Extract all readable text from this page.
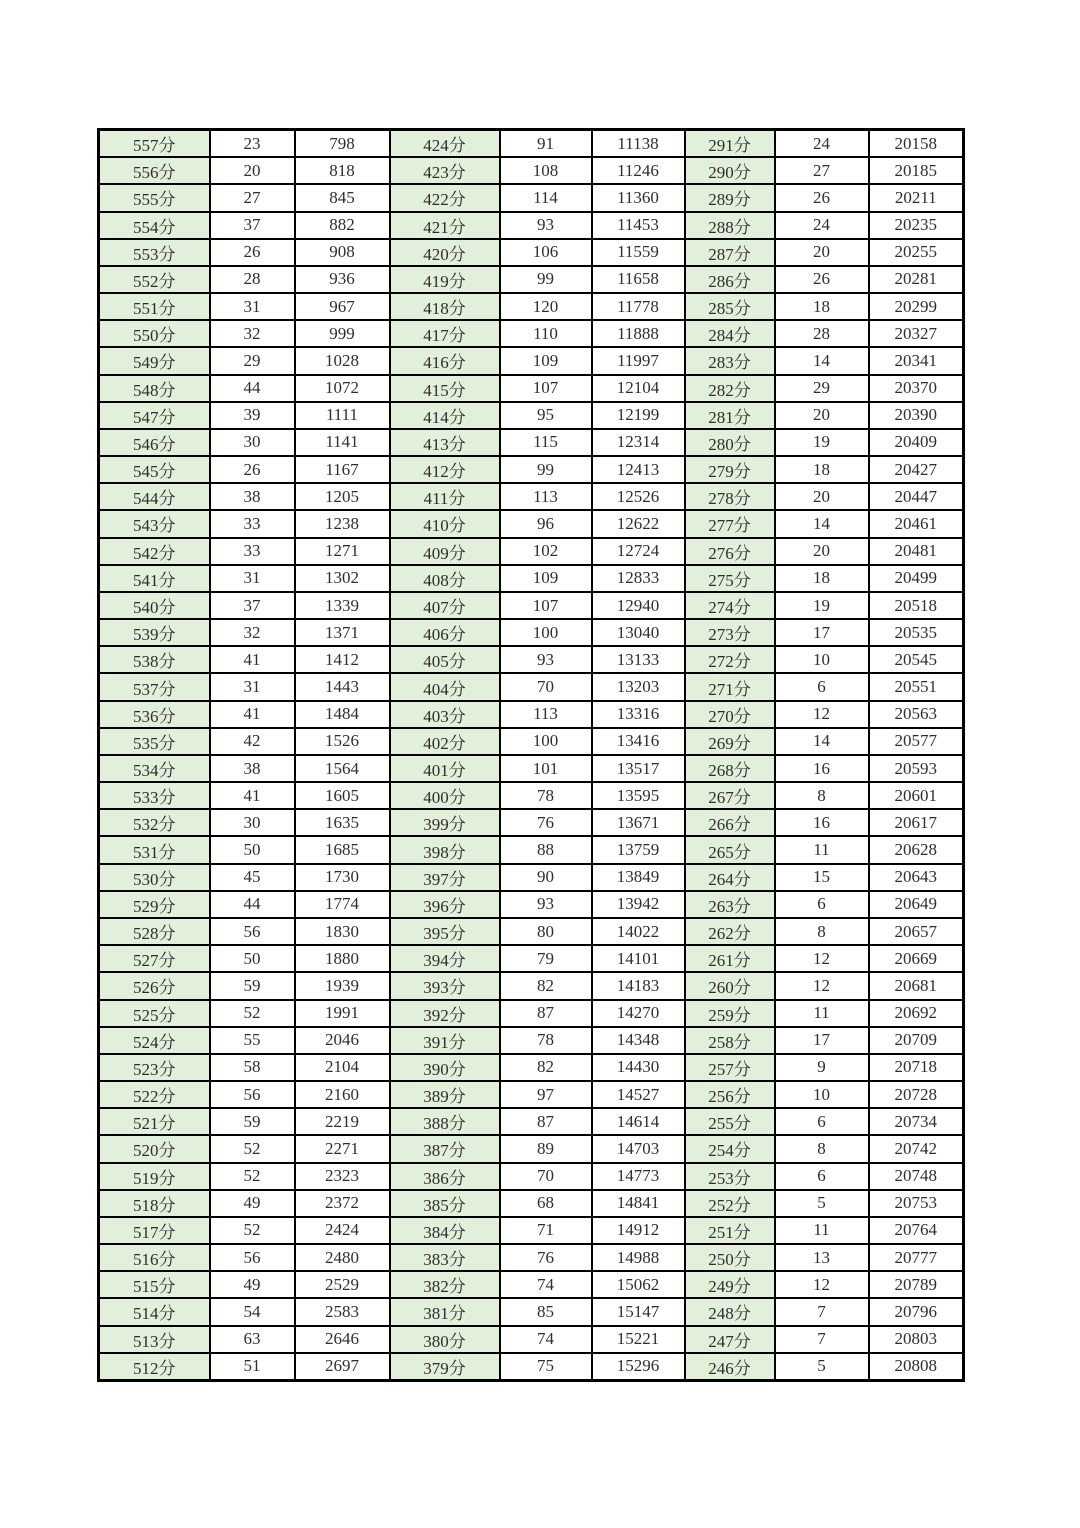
557分	23	798	424分	91	11138	291分	24	20158
556分	20	818	423分	108	11246	290分	27	20185
555分	27	845	422分	114	11360	289分	26	20211
554分	37	882	421分	93	11453	288分	24	20235
553分	26	908	420分	106	11559	287分	20	20255
552分	28	936	419分	99	11658	286分	26	20281
551分	31	967	418分	120	11778	285分	18	20299
550分	32	999	417分	110	11888	284分	28	20327
549分	29	1028	416分	109	11997	283分	14	20341
548分	44	1072	415分	107	12104	282分	29	20370
547分	39	1111	414分	95	12199	281分	20	20390
546分	30	1141	413分	115	12314	280分	19	20409
545分	26	1167	412分	99	12413	279分	18	20427
544分	38	1205	411分	113	12526	278分	20	20447
543分	33	1238	410分	96	12622	277分	14	20461
542分	33	1271	409分	102	12724	276分	20	20481
541分	31	1302	408分	109	12833	275分	18	20499
540分	37	1339	407分	107	12940	274分	19	20518
539分	32	1371	406分	100	13040	273分	17	20535
538分	41	1412	405分	93	13133	272分	10	20545
537分	31	1443	404分	70	13203	271分	6	20551
536分	41	1484	403分	113	13316	270分	12	20563
535分	42	1526	402分	100	13416	269分	14	20577
534分	38	1564	401分	101	13517	268分	16	20593
533分	41	1605	400分	78	13595	267分	8	20601
532分	30	1635	399分	76	13671	266分	16	20617
531分	50	1685	398分	88	13759	265分	11	20628
530分	45	1730	397分	90	13849	264分	15	20643
529分	44	1774	396分	93	13942	263分	6	20649
528分	56	1830	395分	80	14022	262分	8	20657
527分	50	1880	394分	79	14101	261分	12	20669
526分	59	1939	393分	82	14183	260分	12	20681
525分	52	1991	392分	87	14270	259分	11	20692
524分	55	2046	391分	78	14348	258分	17	20709
523分	58	2104	390分	82	14430	257分	9	20718
522分	56	2160	389分	97	14527	256分	10	20728
521分	59	2219	388分	87	14614	255分	6	20734
520分	52	2271	387分	89	14703	254分	8	20742
519分	52	2323	386分	70	14773	253分	6	20748
518分	49	2372	385分	68	14841	252分	5	20753
517分	52	2424	384分	71	14912	251分	11	20764
516分	56	2480	383分	76	14988	250分	13	20777
515分	49	2529	382分	74	15062	249分	12	20789
514分	54	2583	381分	85	15147	248分	7	20796
513分	63	2646	380分	74	15221	247分	7	20803
512分	51	2697	379分	75	15296	246分	5	20808
